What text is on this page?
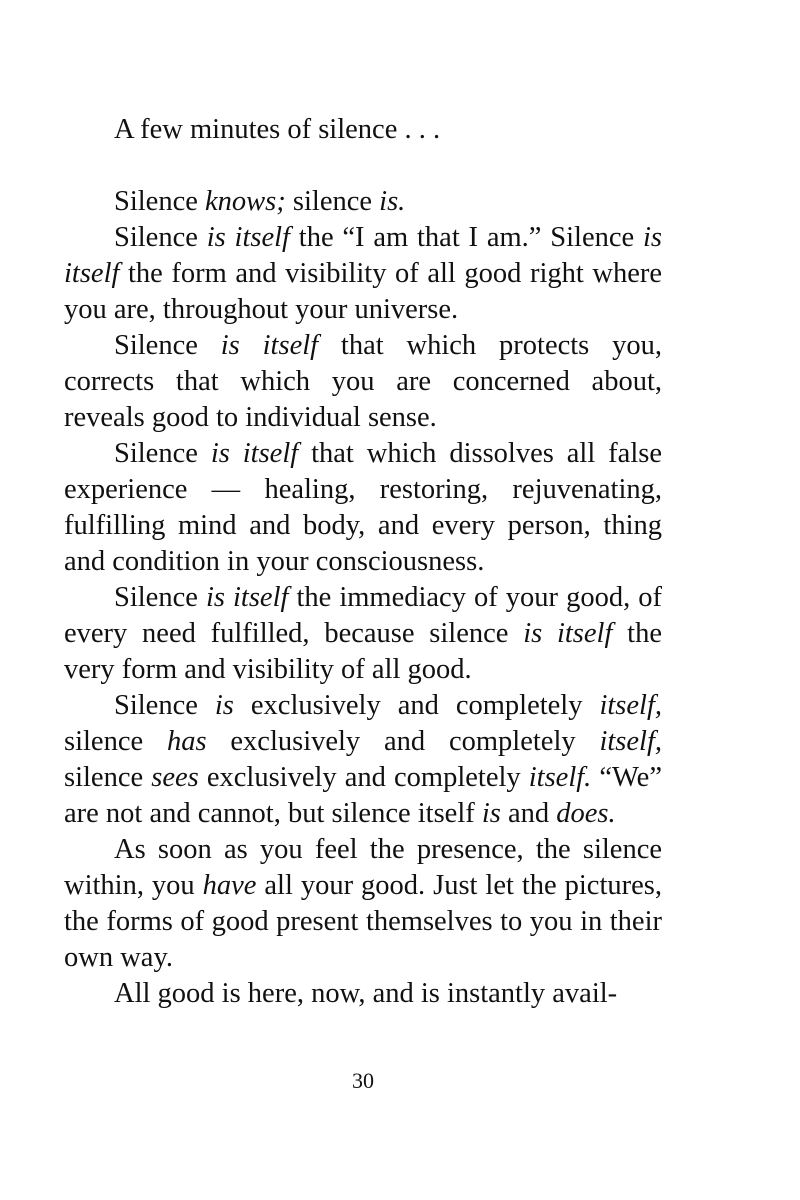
A few minutes of silence . . .

Silence knows; silence is.

Silence is itself the “I am that I am.” Silence is itself the form and visibility of all good right where you are, throughout your universe.

Silence is itself that which protects you, corrects that which you are concerned about, reveals good to individual sense.

Silence is itself that which dissolves all false experience — healing, restoring, rejuvenating, fulfilling mind and body, and every person, thing and condition in your consciousness.

Silence is itself the immediacy of your good, of every need fulfilled, because silence is itself the very form and visibility of all good.

Silence is exclusively and completely itself, silence has exclusively and completely itself, silence sees exclusively and completely itself. “We” are not and cannot, but silence itself is and does.

As soon as you feel the presence, the silence within, you have all your good. Just let the pictures, the forms of good present themselves to you in their own way.

All good is here, now, and is instantly avail-

30
